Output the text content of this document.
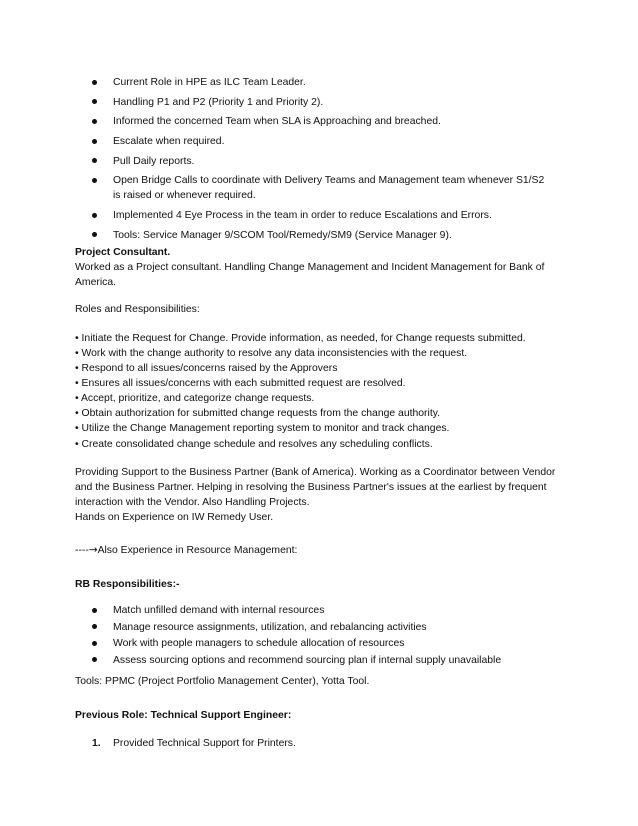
Current Role in HPE as ILC Team Leader.
Handling P1 and P2 (Priority 1 and Priority 2).
Informed the concerned Team when SLA is Approaching and breached.
Escalate when required.
Pull Daily reports.
Open Bridge Calls to coordinate with Delivery Teams and Management team whenever S1/S2 is raised or whenever required.
Implemented 4 Eye Process in the team in order to reduce Escalations and Errors.
Tools: Service Manager 9/SCOM Tool/Remedy/SM9 (Service Manager 9).

Project Consultant.

Worked as a Project consultant. Handling Change Management and Incident Management for Bank of America.

Roles and Responsibilities:

• Initiate the Request for Change. Provide information, as needed, for Change requests submitted.

• Work with the change authority to resolve any data inconsistencies with the request.

• Respond to all issues/concerns raised by the Approvers

• Ensures all issues/concerns with each submitted request are resolved.

• Accept, prioritize, and categorize change requests.

• Obtain authorization for submitted change requests from the change authority.

• Utilize the Change Management reporting system to monitor and track changes.

• Create consolidated change schedule and resolves any scheduling conflicts.

Providing Support to the Business Partner (Bank of America). Working as a Coordinator between Vendor

and the Business Partner. Helping in resolving the Business Partner's issues at the earliest by frequent

interaction with the Vendor. Also Handling Projects.

Hands on Experience on IW Remedy User.

----→Also Experience in Resource Management:

RB Responsibilities:-

Match unfilled demand with internal resources
Manage resource assignments, utilization, and rebalancing activities
Work with people managers to schedule allocation of resources
Assess sourcing options and recommend sourcing plan if internal supply unavailable

Tools: PPMC (Project Portfolio Management Center), Yotta Tool.

Previous Role: Technical Support Engineer:

1. Provided Technical Support for Printers.
